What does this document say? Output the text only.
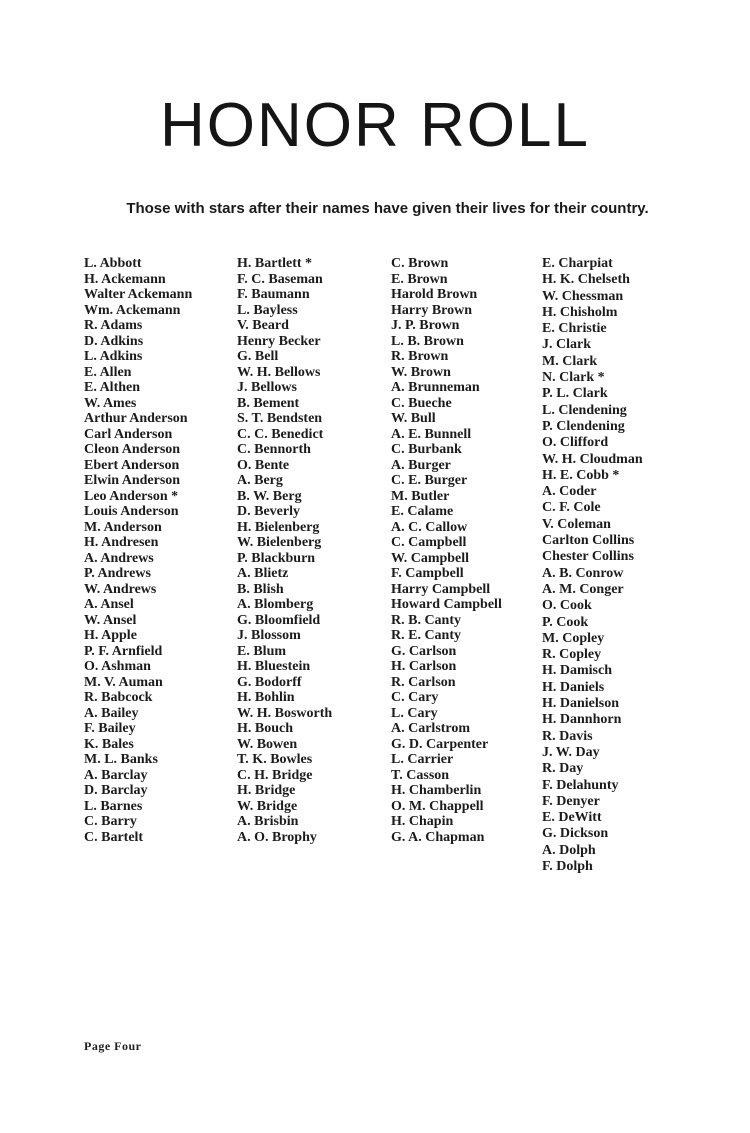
HONOR ROLL

Those with stars after their names have given their lives for their country.

L. Abbott
H. Ackemann
Walter Ackemann
Wm. Ackemann
R. Adams
D. Adkins
L. Adkins
E. Allen
E. Althen
W. Ames
Arthur Anderson
Carl Anderson
Cleon Anderson
Ebert Anderson
Elwin Anderson
Leo Anderson *
Louis Anderson
M. Anderson
H. Andresen
A. Andrews
P. Andrews
W. Andrews
A. Ansel
W. Ansel
H. Apple
P. F. Arnfield
O. Ashman
M. V. Auman
R. Babcock
A. Bailey
F. Bailey
K. Bales
M. L. Banks
A. Barclay
D. Barclay
L. Barnes
C. Barry
C. Bartelt
H. Bartlett *
F. C. Baseman
F. Baumann
L. Bayless
V. Beard
Henry Becker
G. Bell
W. H. Bellows
J. Bellows
B. Bement
S. T. Bendsten
C. C. Benedict
C. Bennorth
O. Bente
A. Berg
B. W. Berg
D. Beverly
H. Bielenberg
W. Bielenberg
P. Blackburn
A. Blietz
B. Blish
A. Blomberg
G. Bloomfield
J. Blossom
E. Blum
H. Bluestein
G. Bodorff
H. Bohlin
W. H. Bosworth
H. Bouch
W. Bowen
T. K. Bowles
C. H. Bridge
H. Bridge
W. Bridge
A. Brisbin
A. O. Brophy
C. Brown
E. Brown
Harold Brown
Harry Brown
J. P. Brown
L. B. Brown
R. Brown
W. Brown
A. Brunneman
C. Bueche
W. Bull
A. E. Bunnell
C. Burbank
A. Burger
C. E. Burger
M. Butler
E. Calame
A. C. Callow
C. Campbell
W. Campbell
F. Campbell
Harry Campbell
Howard Campbell
R. B. Canty
R. E. Canty
G. Carlson
H. Carlson
R. Carlson
C. Cary
L. Cary
A. Carlstrom
G. D. Carpenter
L. Carrier
T. Casson
H. Chamberlin
O. M. Chappell
H. Chapin
G. A. Chapman
E. Charpiat
H. K. Chelseth
W. Chessman
H. Chisholm
E. Christie
J. Clark
M. Clark
N. Clark *
P. L. Clark
L. Clendening
P. Clendening
O. Clifford
W. H. Cloudman
H. E. Cobb *
A. Coder
C. F. Cole
V. Coleman
Carlton Collins
Chester Collins
A. B. Conrow
A. M. Conger
O. Cook
P. Cook
M. Copley
R. Copley
H. Damisch
H. Daniels
H. Danielson
H. Dannhorn
R. Davis
J. W. Day
R. Day
F. Delahunty
F. Denyer
E. DeWitt
G. Dickson
A. Dolph
F. Dolph

Page Four
